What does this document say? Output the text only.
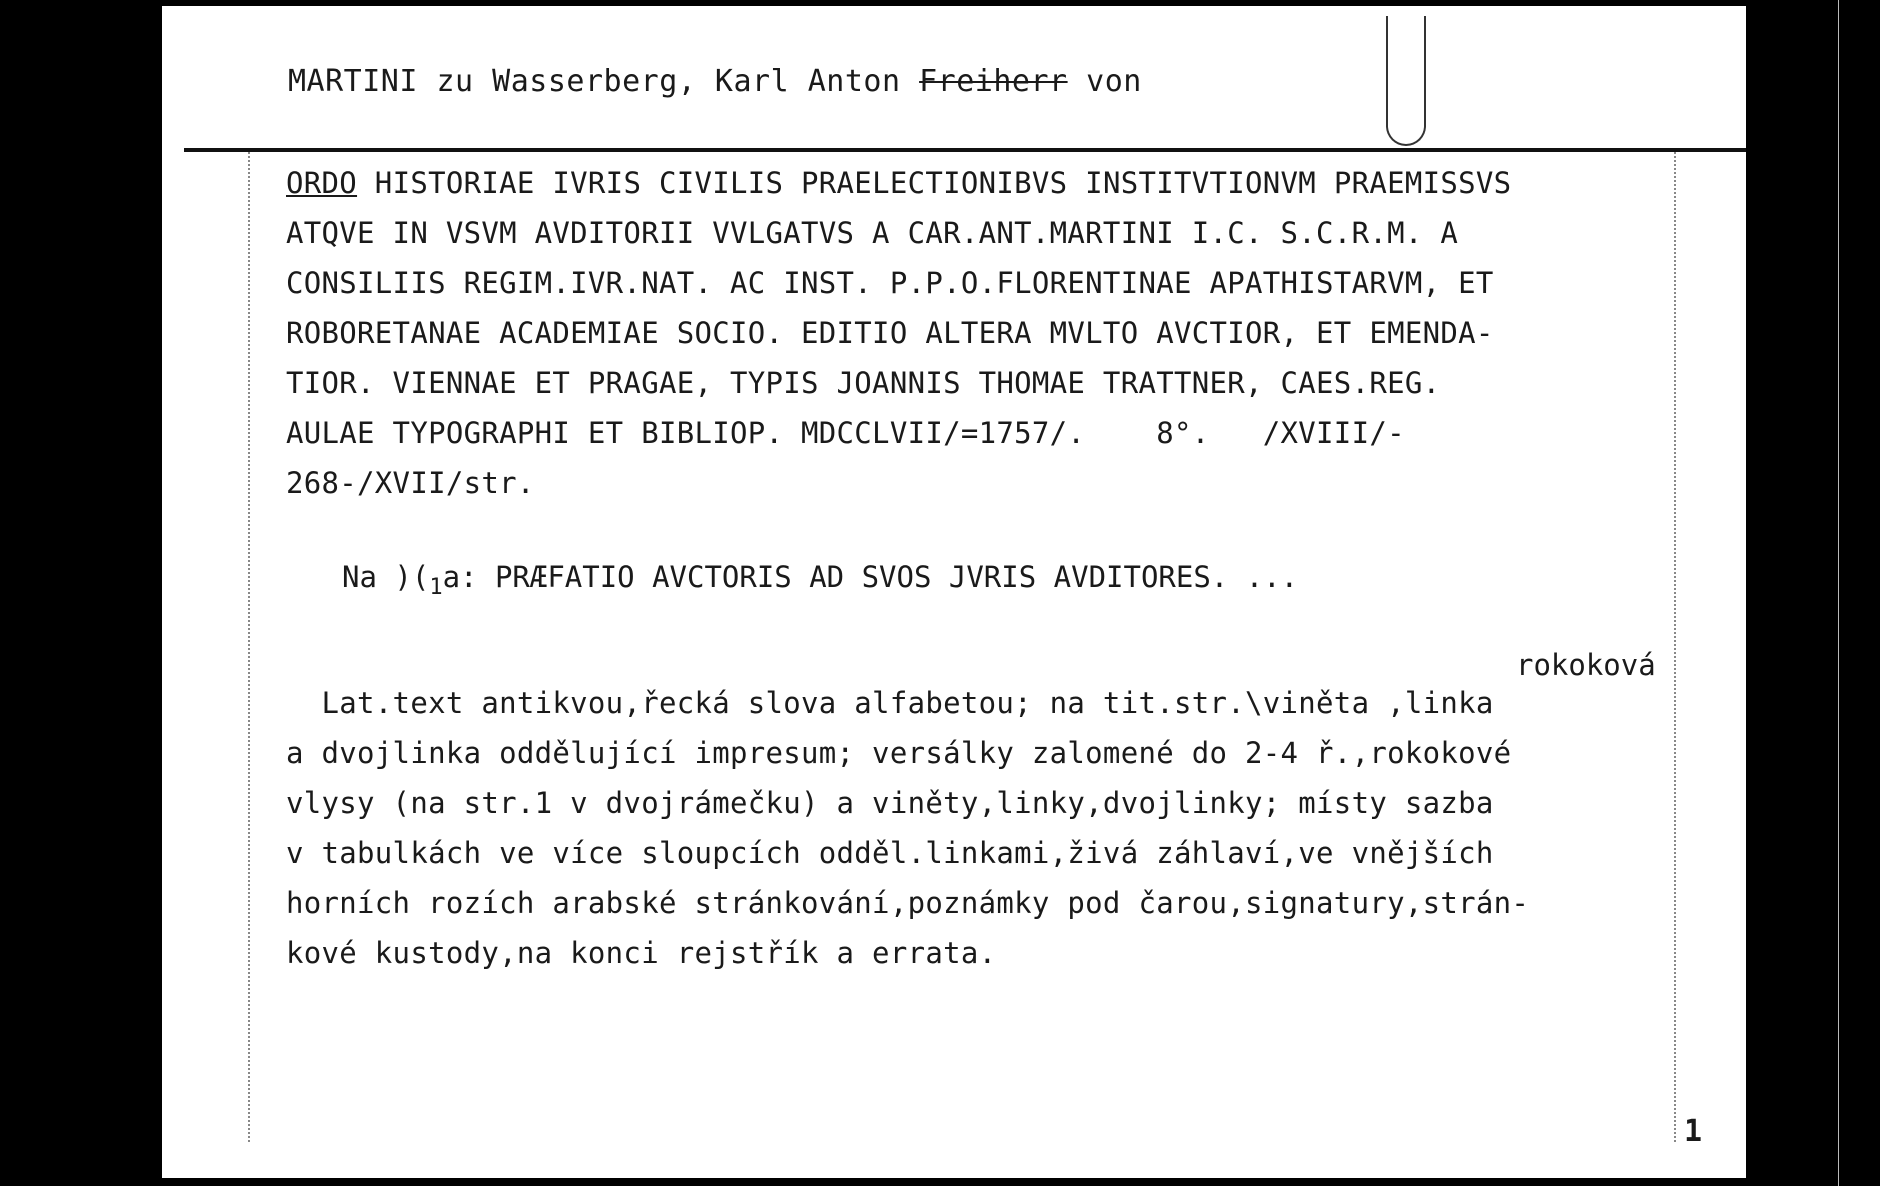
MARTINI zu Wasserberg, Karl Anton Freiherr von
ORDO HISTORIAE IVRIS CIVILIS PRAELECTIONIBVS INSTITVTIONVM PRAEMISSVS
ATQVE IN VSVM AVDITORII VVLGATVS A CAR.ANT.MARTINI I.C. S.C.R.M. A
CONSILIIS REGIM.IVR.NAT. AC INST. P.P.O.FLORENTINAE APATHISTARVM, ET
ROBORETANAE ACADEMIAE SOCIO. EDITIO ALTERA MVLTO AVCTIOR, ET EMENDA-
TIOR. VIENNAE ET PRAGAE, TYPIS JOANNIS THOMAE TRATTNER, CAES.REG.
AULAE TYPOGRAPHI ET BIBLIOP. MDCCLVII/=1757/.    8°.   /XVIII/-
268-/XVII/str.
Na )($_1a$: PRÆFATIO AVCTORIS AD SVOS JVRIS AVDITORES. ...
rokoková
Lat.text antikvou,řecká slova alfabetou; na tit.str.\viněta ,linka
a dvojlinka oddělující impresum; versálky zalomené do 2-4 ř.,rokokové
vlysy (na str.1 v dvojrámečku) a viněty,linky,dvojlinky; místy sazba
v tabulkách ve více sloupcích odděl.linkami,živá záhlaví,ve vnějších
horních rozích arabské stránkování,poznámky pod čarou,signatury,strán-
kové kustody,na konci rejstřík a errata.
1
